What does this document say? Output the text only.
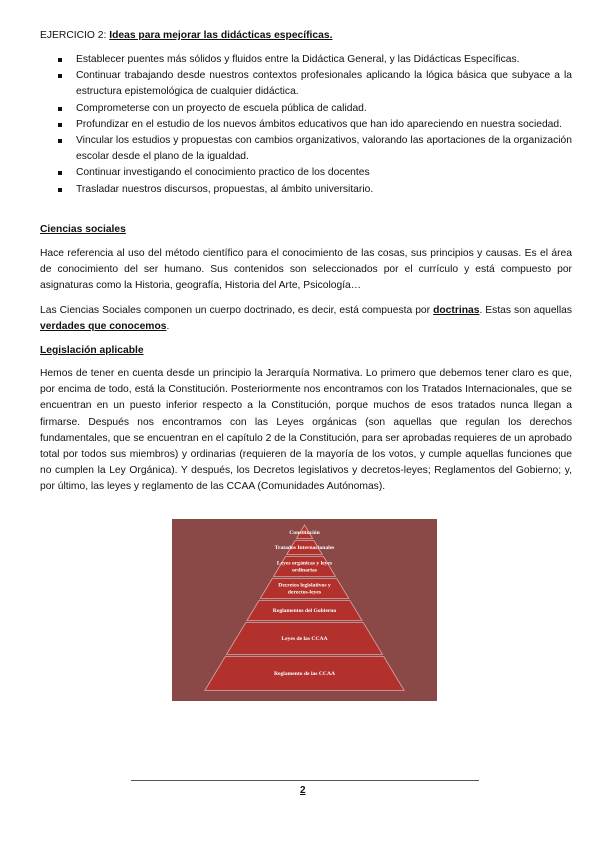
EJERCICIO 2: Ideas para mejorar las didácticas específicas.
Establecer puentes más sólidos y fluidos entre la Didáctica General, y las Didácticas Específicas.
Continuar trabajando desde nuestros contextos profesionales aplicando la lógica básica que subyace a la estructura epistemológica de cualquier didáctica.
Comprometerse con un proyecto de escuela pública de calidad.
Profundizar en el estudio de los nuevos ámbitos educativos que han ido apareciendo en nuestra sociedad.
Vincular los estudios y propuestas con cambios organizativos, valorando las aportaciones de la organización escolar desde el plano de la igualdad.
Continuar investigando el conocimiento practico de los docentes
Trasladar nuestros discursos, propuestas, al ámbito universitario.
Ciencias sociales

Hace referencia al uso del método científico para el conocimiento de las cosas, sus principios y causas. Es el área de conocimiento del ser humano. Sus contenidos son seleccionados por el currículo y está compuesto por asignaturas como la Historia, geografía, Historia del Arte, Psicología…

Las Ciencias Sociales componen un cuerpo doctrinado, es decir, está compuesta por doctrinas. Estas son aquellas verdades que conocemos.

Legislación aplicable

Hemos de tener en cuenta desde un principio la Jerarquía Normativa. Lo primero que debemos tener claro es que, por encima de todo, está la Constitución. Posteriormente nos encontramos con los Tratados Internacionales, que se encuentran en un puesto inferior respecto a la Constitución, porque muchos de esos tratados nunca llegan a firmarse. Después nos encontramos con las Leyes orgánicas (son aquellas que regulan los derechos fundamentales, que se encuentran en el capítulo 2 de la Constitución, para ser aprobadas requieres de un aprobado total por todos sus miembros) y ordinarias (requieren de la mayoría de los votos, y cumple aquellas funciones que no cumplen la Ley Orgánica). Y después, los Decretos legislativos y decretos-leyes; Reglamentos del Gobierno; y, por último, las leyes y reglamento de las CCAA (Comunidades Autónomas).

Constitución
Tratados Internacionales
Leyes orgánicas y leyes
ordinarias
Decretos legislativos y
derectos-leyes
Reglamentos del Gobierno
Leyes de las CCAA
Reglamento de las CCAA
2
